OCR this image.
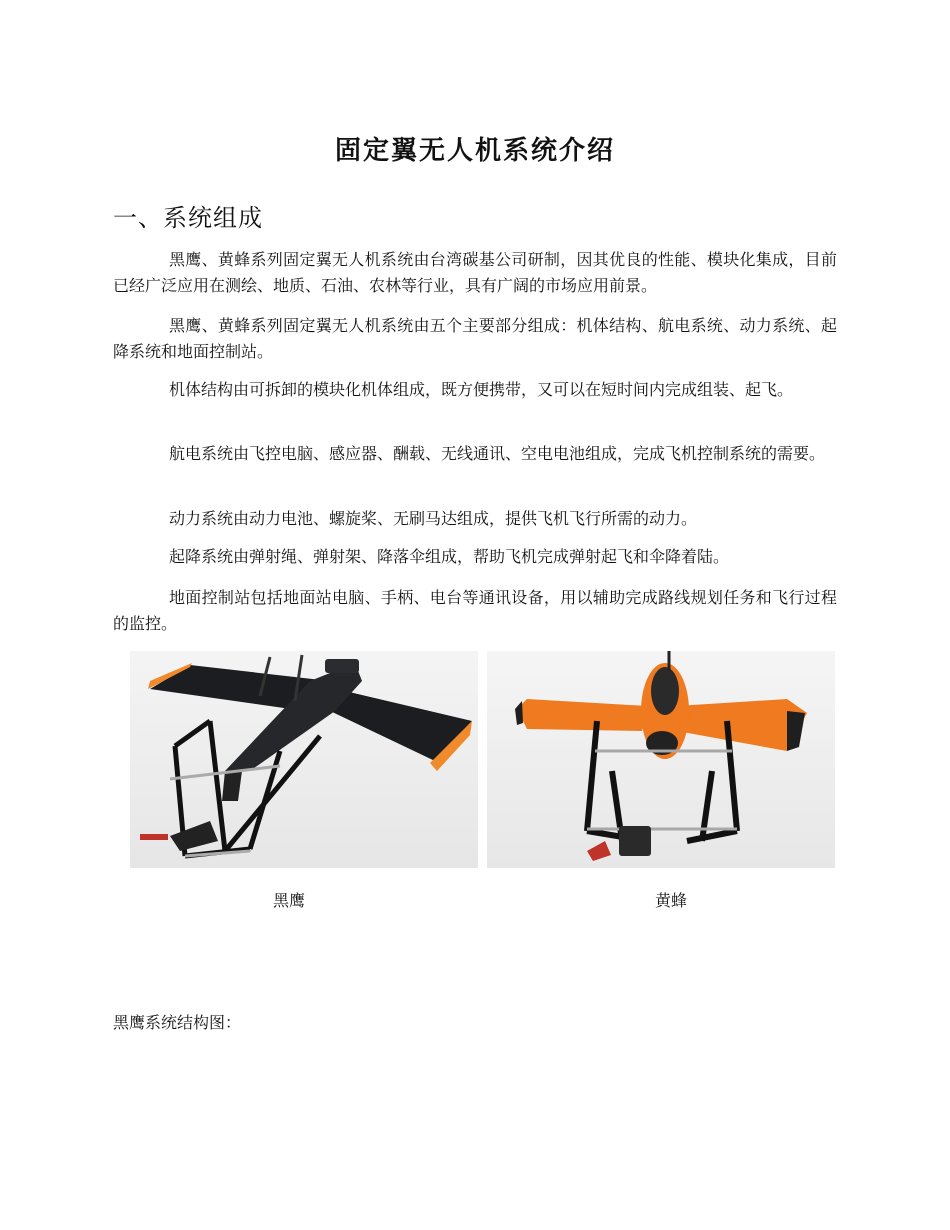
固定翼无人机系统介绍
一、系统组成

黑鹰、黄蜂系列固定翼无人机系统由台湾碳基公司研制，因其优良的性能、模块化集成，目前已经广泛应用在测绘、地质、石油、农林等行业，具有广阔的市场应用前景。

黑鹰、黄蜂系列固定翼无人机系统由五个主要部分组成：机体结构、航电系统、动力系统、起降系统和地面控制站。

机体结构由可拆卸的模块化机体组成，既方便携带，又可以在短时间内完成组装、起飞。

航电系统由飞控电脑、感应器、酬载、无线通讯、空电电池组成，完成飞机控制系统的需要。

动力系统由动力电池、螺旋桨、无刷马达组成，提供飞机飞行所需的动力。

起降系统由弹射绳、弹射架、降落伞组成，帮助飞机完成弹射起飞和伞降着陆。

地面控制站包括地面站电脑、手柄、电台等通讯设备，用以辅助完成路线规划任务和飞行过程的监控。

黑鹰	黄蜂
黑鹰系统结构图：
